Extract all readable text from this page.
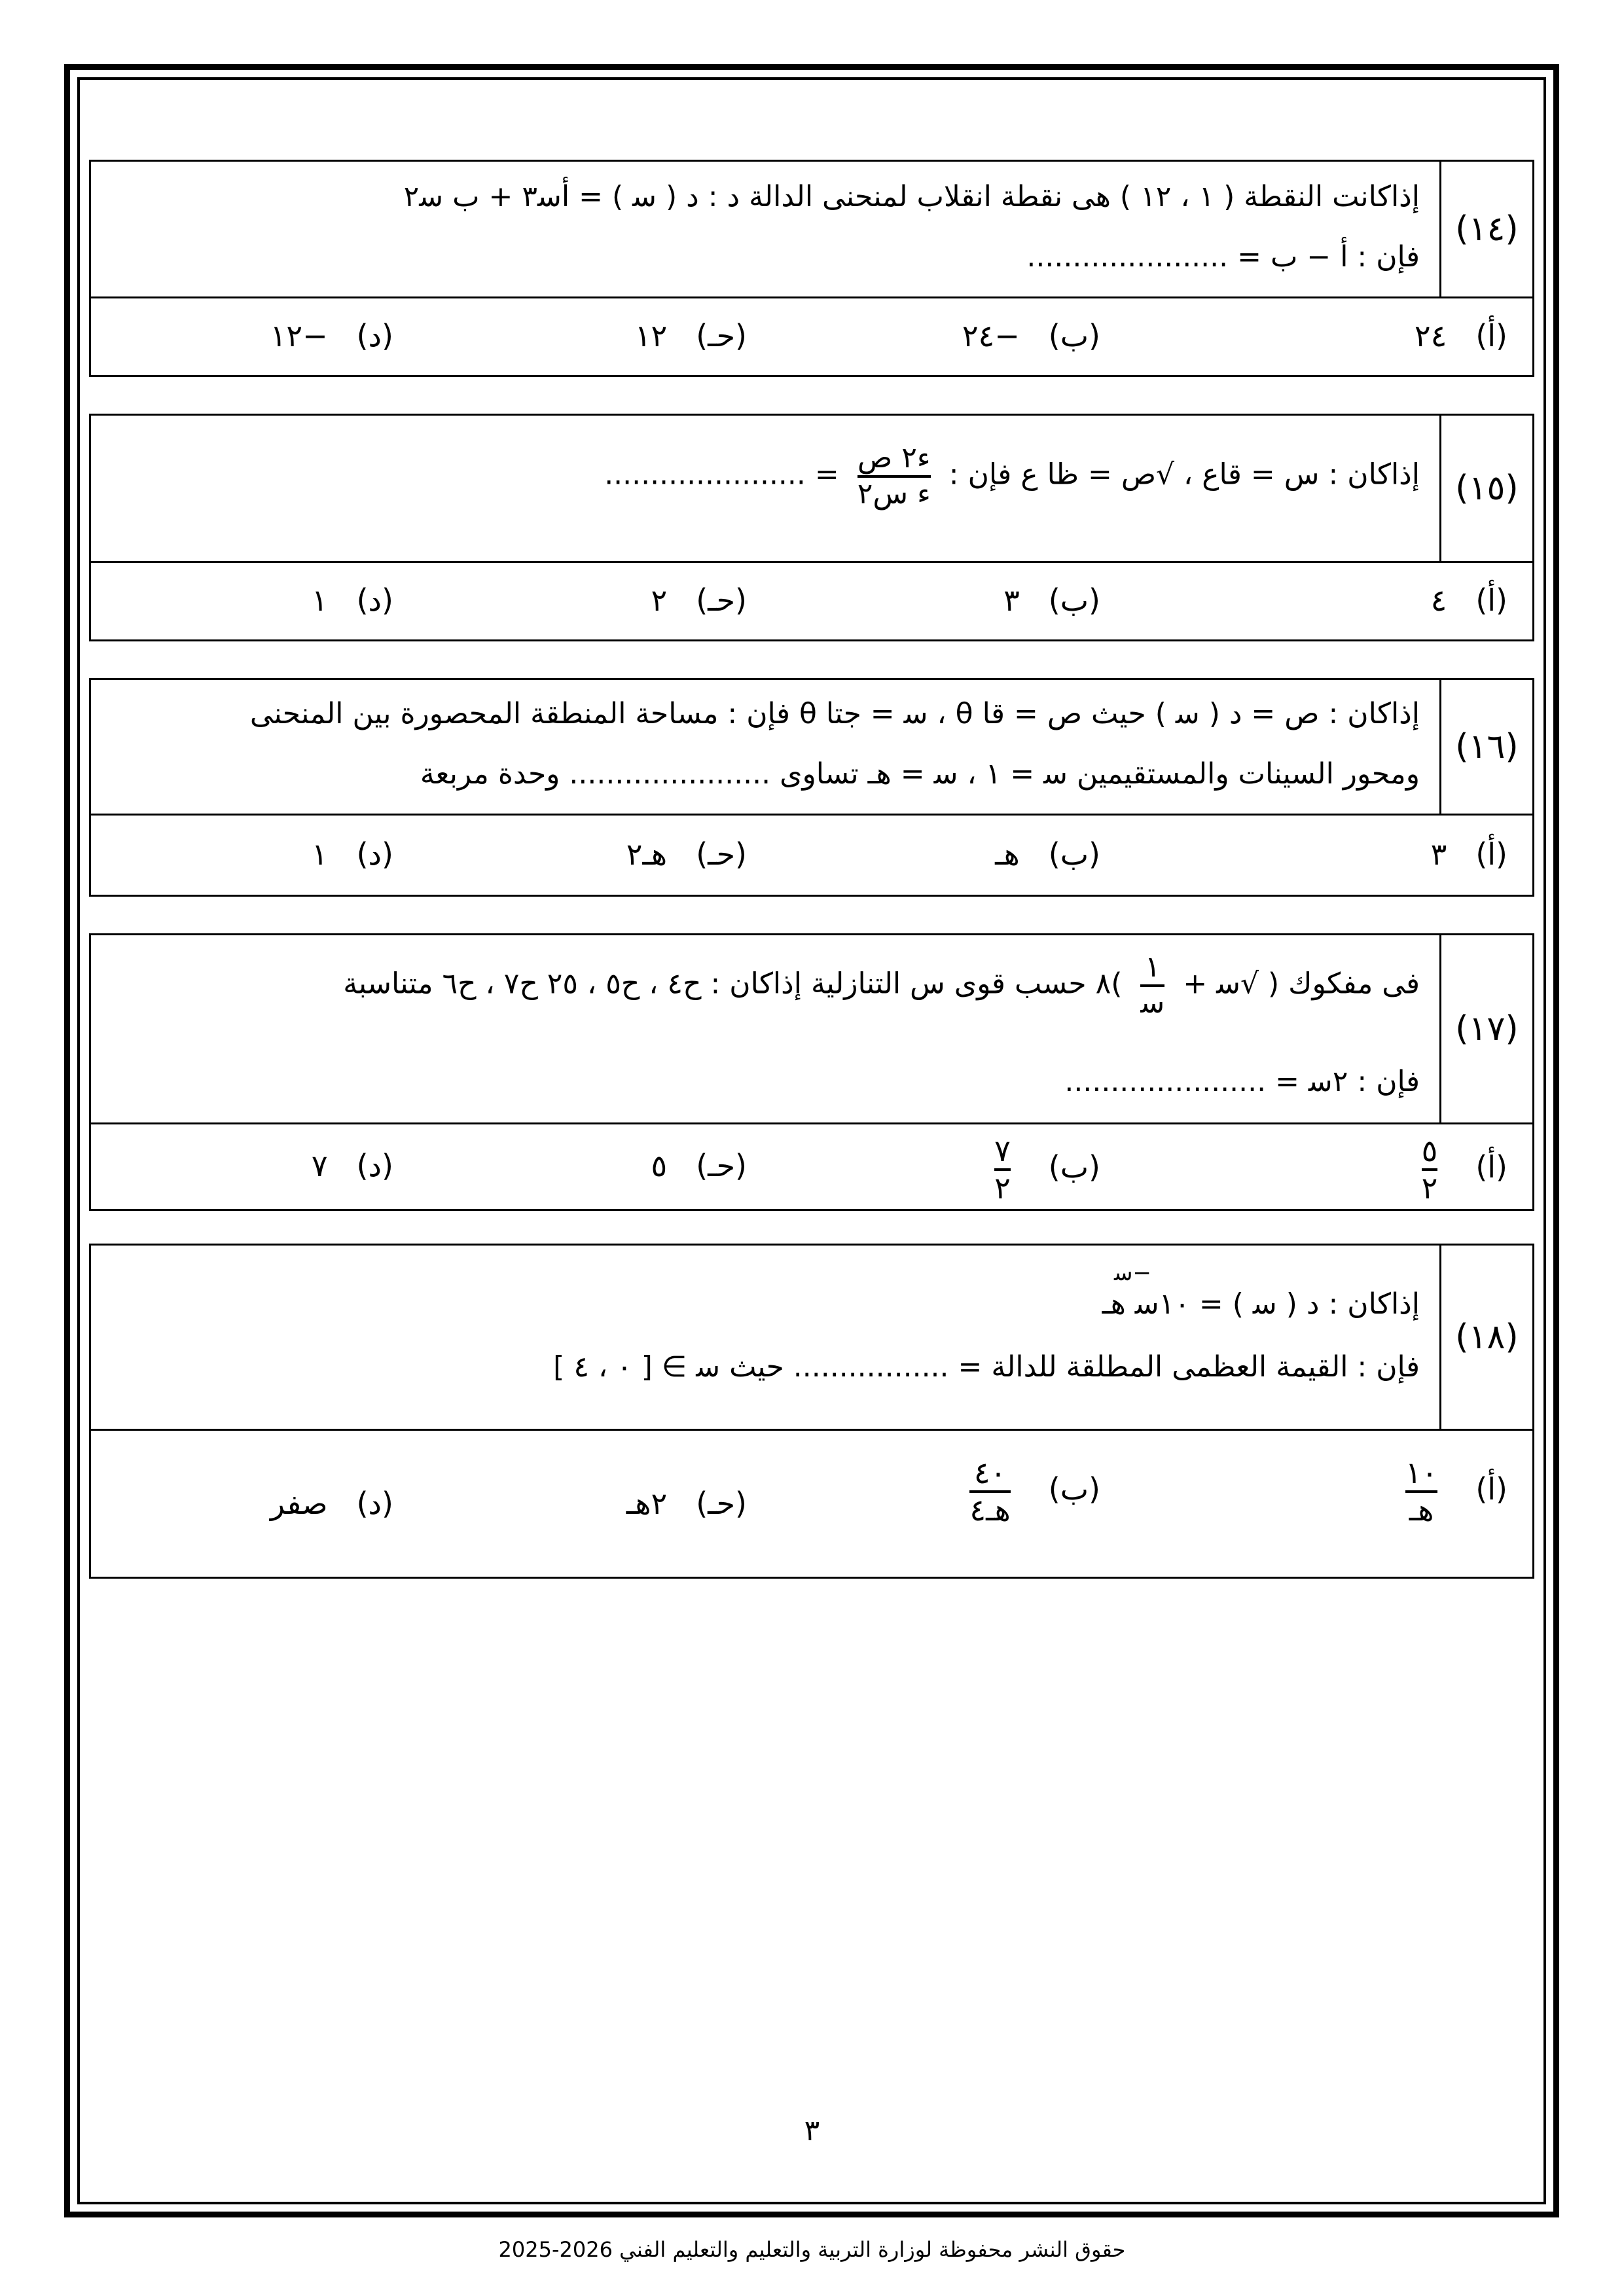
(١٤)
إذاكانت النقطة ( ١ ، ١٢ ) هى نقطة انقلاب لمنحنى الدالة د : د ( ﺳ ) = ﺃﺳ٣ + ﺏ ﺳ٢
فإن : ﺃ − ﺏ = ......................
(ﺃ)٢٤
(ب)−٢٤
(حـ)١٢
(د)−١٢
(١٥)
إذاكان : س = قاع ، √ص = ظا ع فإن :
$\frac{\text{ء٢ ص}}{\text{ء س٢}}$
= ......................
(ﺃ)٤
(ب)٣
(حـ)٢
(د)١
(١٦)
إذاكان : ص = د ( ﺳ ) حيث ص = قا θ ، ﺳ = جتا θ فإن : مساحة المنطقة المحصورة بين المنحنى
ومحور السينات والمستقيمين ﺳ = ١ ، ﺳ = هـ تساوى ...................... وحدة مربعة
(ﺃ)٣
(ب)هـ
(حـ)هـ٢
(د)١
(١٧)
فى مفكوك ( √ﺳ +
$\frac{١}{\text{ﺳ}}$
)٨ حسب قوى س التنازلية إذاكان : ح٤ ، ح٥ ، ٢٥ ح٧ ، ح٦ متناسبة
فإن : ٢ﺳ = ......................
(ﺃ)
$\frac{٥}{٢}$
(ب)
$\frac{٧}{٢}$
(حـ)٥
(د)٧
(١٨)
−ﺳ
إذاكان : د ( ﺳ ) = ١٠ﺳ هـ
فإن : القيمة العظمى المطلقة للدالة = ................. حيث ﺳ ∋ [ ٠ ، ٤ ]
(ﺃ)
$\frac{١٠}{\text{هـ}}$
(ب)
$\frac{٤٠}{\text{هـ٤}}$
(حـ)٢هـ
(د)صفر
٣
حقوق النشر محفوظة لوزارة التربية والتعليم والتعليم الفني 2026-2025
